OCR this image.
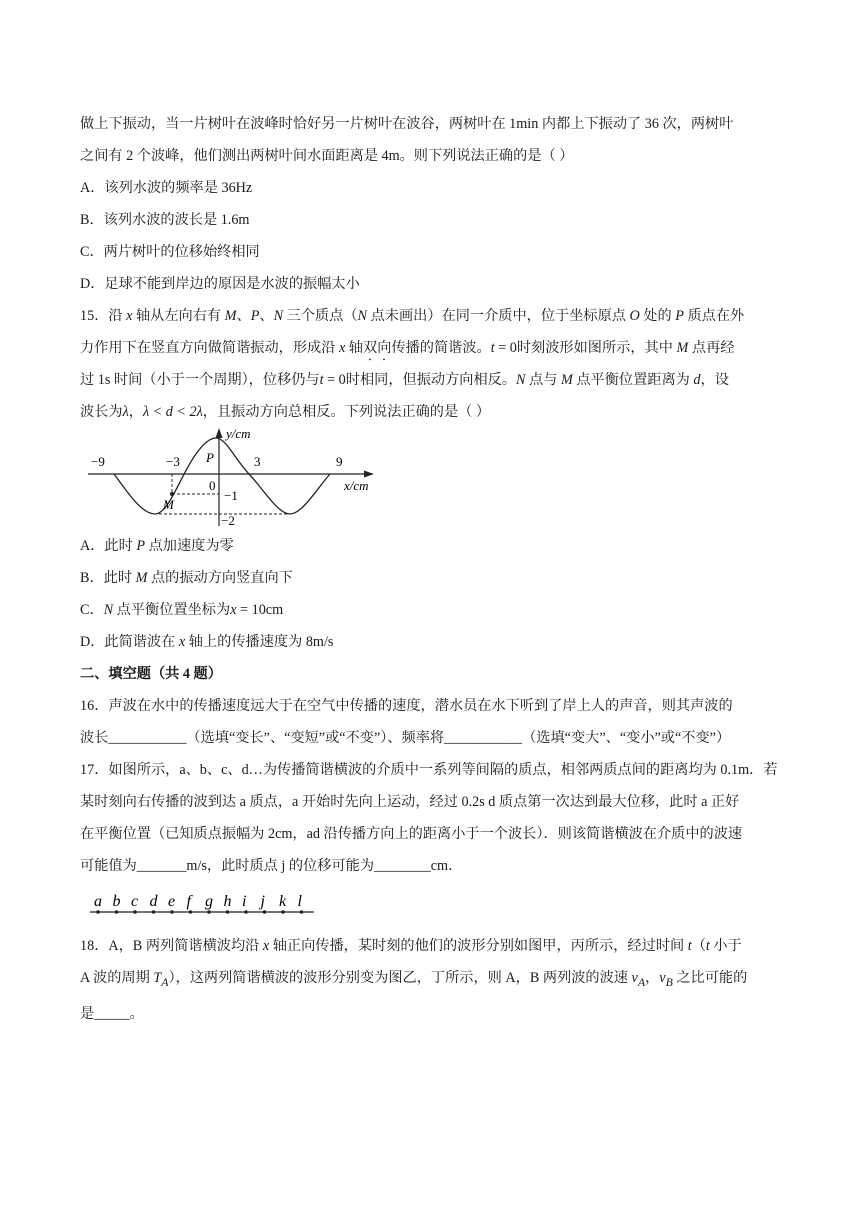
做上下振动，当一片树叶在波峰时恰好另一片树叶在波谷，两树叶在 1min 内都上下振动了 36 次，两树叶

之间有 2 个波峰，他们测出两树叶间水面距离是 4m。则下列说法正确的是（ ）

A．该列水波的频率是 36Hz

B．该列水波的波长是 1.6m

C．两片树叶的位移始终相同

D．足球不能到岸边的原因是水波的振幅太小

15．沿 x 轴从左向右有 M、P、N 三个质点（N 点未画出）在同一介质中，位于坐标原点 O 处的 P 质点在外

力作用下在竖直方向做简谐振动，形成沿 x 轴双向传播的简谐波。t = 0时刻波形如图所示，其中 M 点再经

过 1s 时间（小于一个周期），位移仍与t = 0时相同，但振动方向相反。N 点与 M 点平衡位置距离为 d，设

波长为λ，λ < d < 2λ，且振动方向总相反。下列说法正确的是（ ）

y/cm
x/cm
−9	−3	3	9
0
−1
−2
P
M

A．此时 P 点加速度为零

B．此时 M 点的振动方向竖直向下

C．N 点平衡位置坐标为x = 10cm

D．此简谐波在 x 轴上的传播速度为 8m/s

二、填空题（共 4 题）

16．声波在水中的传播速度远大于在空气中传播的速度，潜水员在水下听到了岸上人的声音，则其声波的

波长___________（选填“变长”、“变短”或“不变”）、频率将___________（选填“变大”、“变小”或“不变”）

17．如图所示，a、b、c、d…为传播简谐横波的介质中一系列等间隔的质点，相邻两质点间的距离均为 0.1m．若

某时刻向右传播的波到达 a 质点，a 开始时先向上运动，经过 0.2s d 质点第一次达到最大位移，此时 a 正好

在平衡位置（已知质点振幅为 2cm，ad 沿传播方向上的距离小于一个波长）．则该简谐横波在介质中的波速

可能值为_______m/s，此时质点 j 的位移可能为________cm．

a b c d e f g h i j k l

18．A，B 两列简谐横波均沿 x 轴正向传播，某时刻的他们的波形分别如图甲，丙所示，经过时间 t（t 小于

A 波的周期 $T_A$），这两列简谐横波的波形分别变为图乙，丁所示，则 A，B 两列波的波速 $v_A$，$v_B$ 之比可能的

是_____。
